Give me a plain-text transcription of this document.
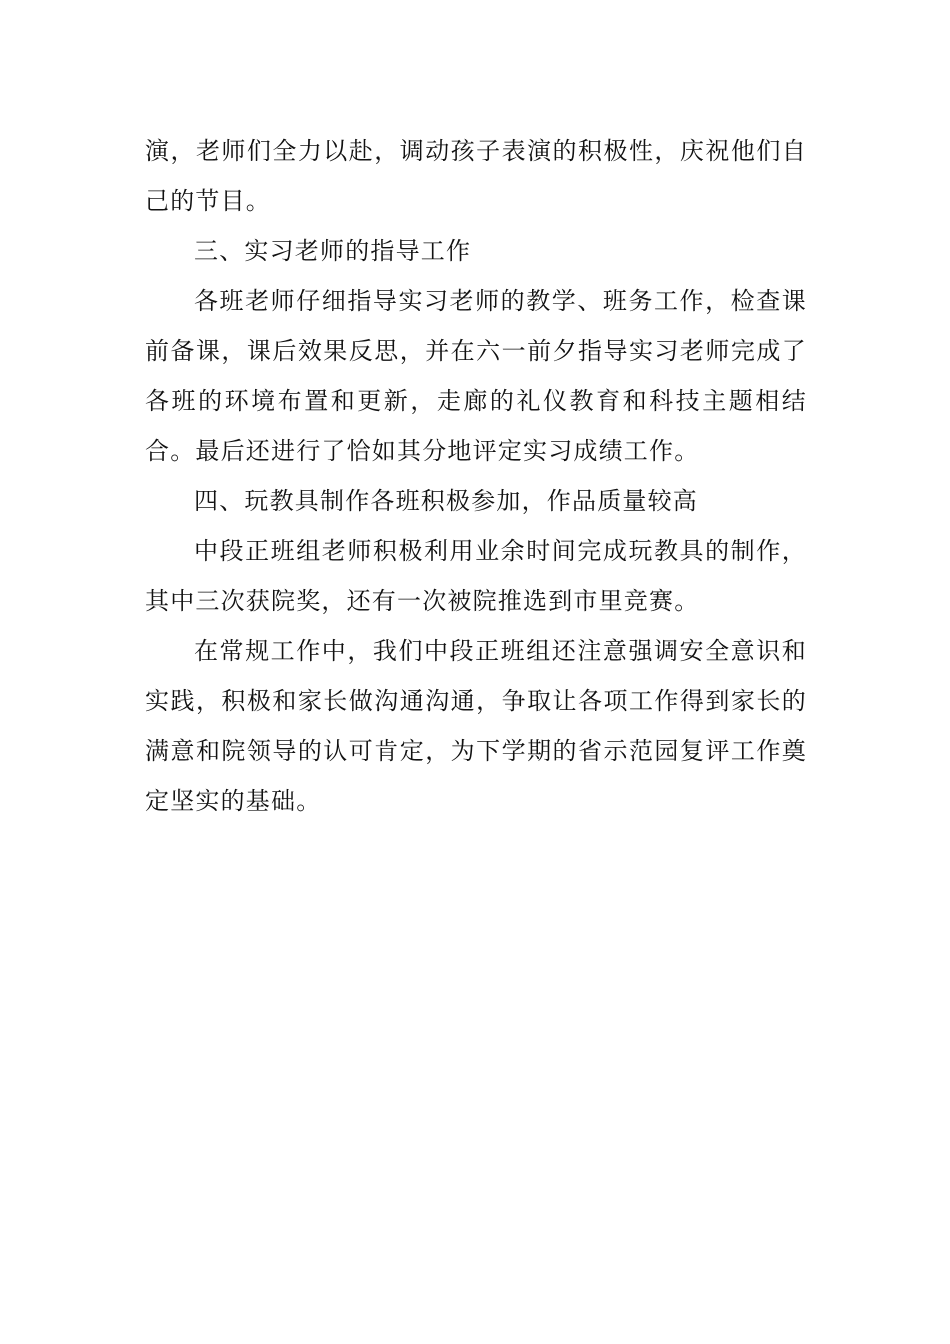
演，老师们全力以赴，调动孩子表演的积极性，庆祝他们自己的节目。

三、实习老师的指导工作

各班老师仔细指导实习老师的教学、班务工作，检查课前备课，课后效果反思，并在六一前夕指导实习老师完成了各班的环境布置和更新，走廊的礼仪教育和科技主题相结合。最后还进行了恰如其分地评定实习成绩工作。

四、玩教具制作各班积极参加，作品质量较高

中段正班组老师积极利用业余时间完成玩教具的制作，其中三次获院奖，还有一次被院推选到市里竞赛。

在常规工作中，我们中段正班组还注意强调安全意识和实践，积极和家长做沟通沟通，争取让各项工作得到家长的满意和院领导的认可肯定，为下学期的省示范园复评工作奠定坚实的基础。
